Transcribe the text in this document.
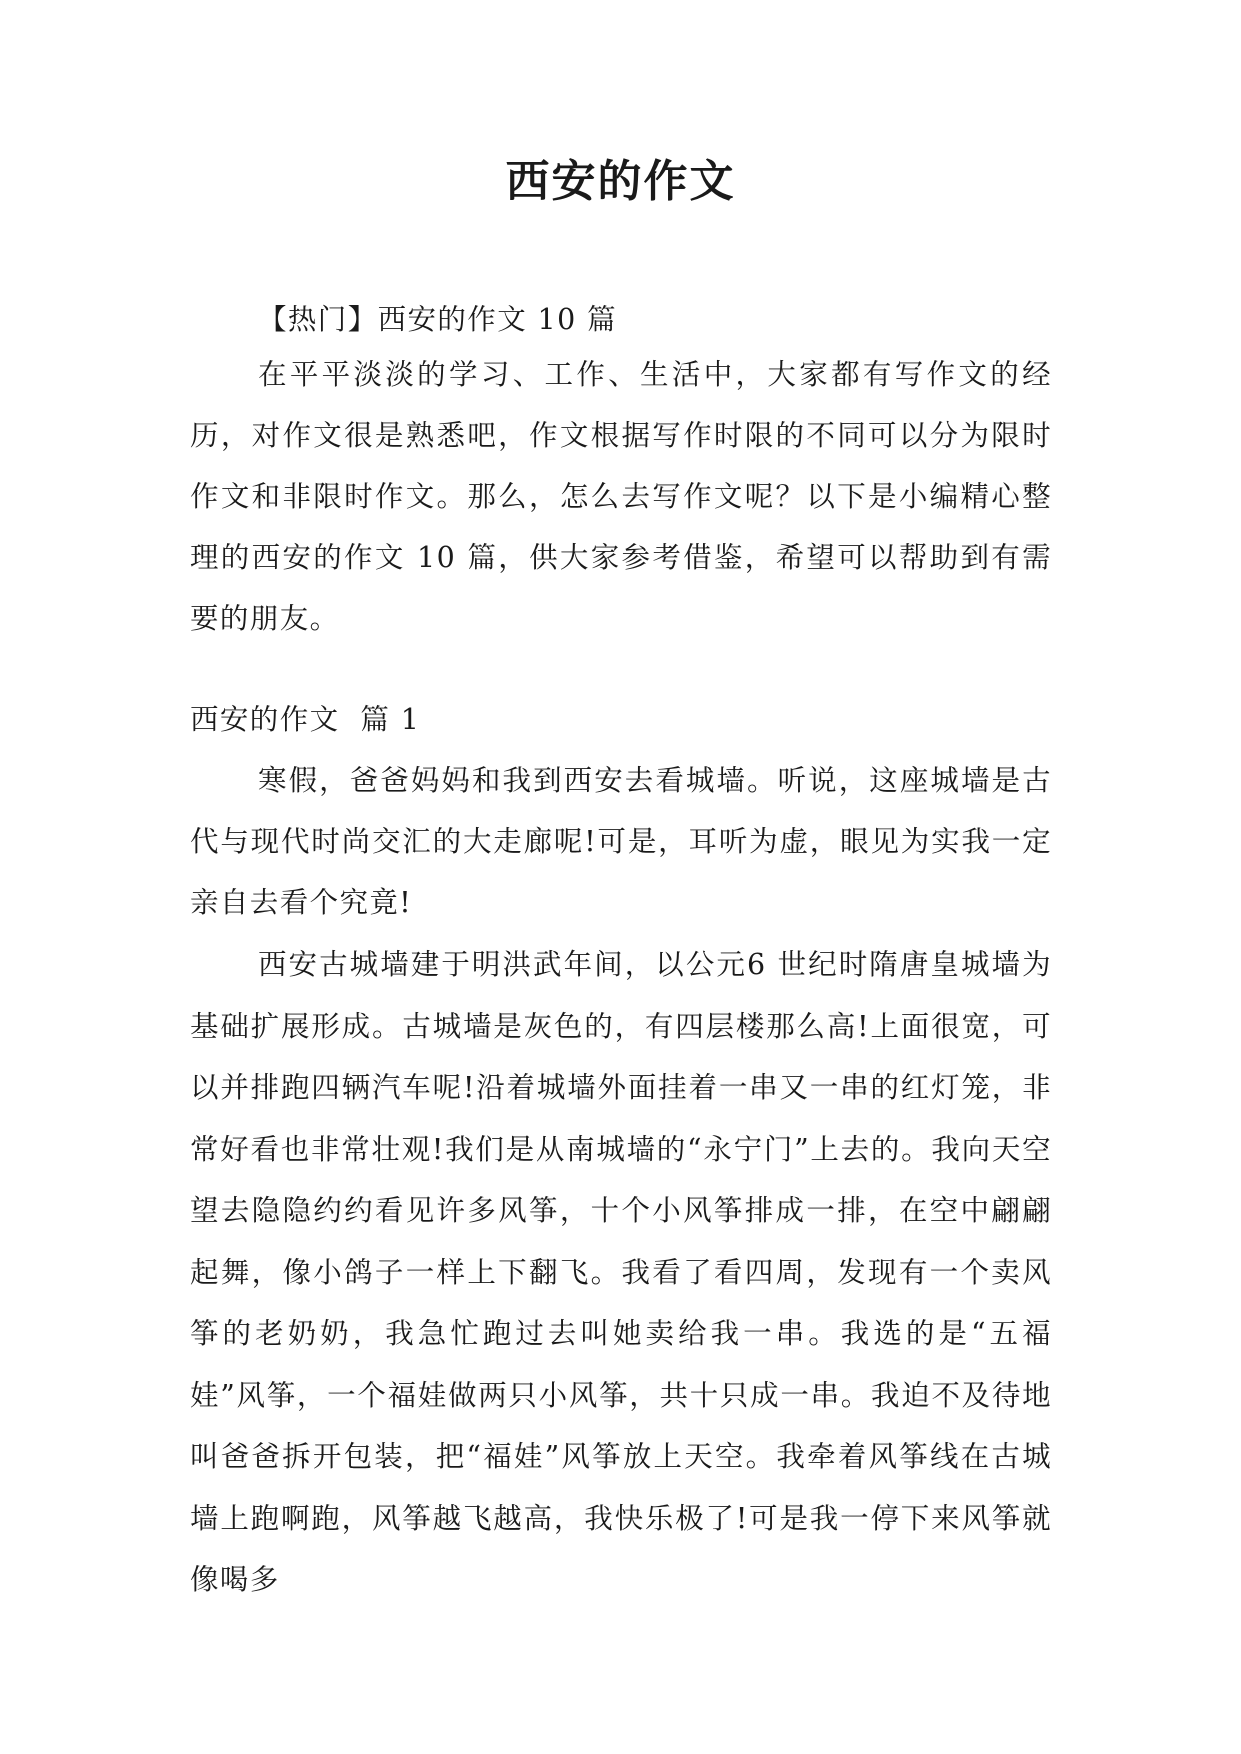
西安的作文
【热门】西安的作文 10 篇
在平平淡淡的学习、工作、生活中，大家都有写作文的经历，对作文很是熟悉吧，作文根据写作时限的不同可以分为限时作文和非限时作文。那么，怎么去写作文呢？以下是小编精心整理的西安的作文 10 篇，供大家参考借鉴，希望可以帮助到有需要的朋友。
西安的作文  篇 1
寒假，爸爸妈妈和我到西安去看城墙。听说，这座城墙是古代与现代时尚交汇的大走廊呢!可是，耳听为虚，眼见为实我一定亲自去看个究竟!
西安古城墙建于明洪武年间，以公元6 世纪时隋唐皇城墙为基础扩展形成。古城墙是灰色的，有四层楼那么高!上面很宽，可以并排跑四辆汽车呢!沿着城墙外面挂着一串又一串的红灯笼，非常好看也非常壮观!我们是从南城墙的“永宁门”上去的。我向天空望去隐隐约约看见许多风筝，十个小风筝排成一排，在空中翩翩起舞，像小鸽子一样上下翻飞。我看了看四周，发现有一个卖风筝的老奶奶，我急忙跑过去叫她卖给我一串。我选的是“五福娃”风筝，一个福娃做两只小风筝，共十只成一串。我迫不及待地叫爸爸拆开包装，把“福娃”风筝放上天空。我牵着风筝线在古城墙上跑啊跑，风筝越飞越高，我快乐极了!可是我一停下来风筝就像喝多
